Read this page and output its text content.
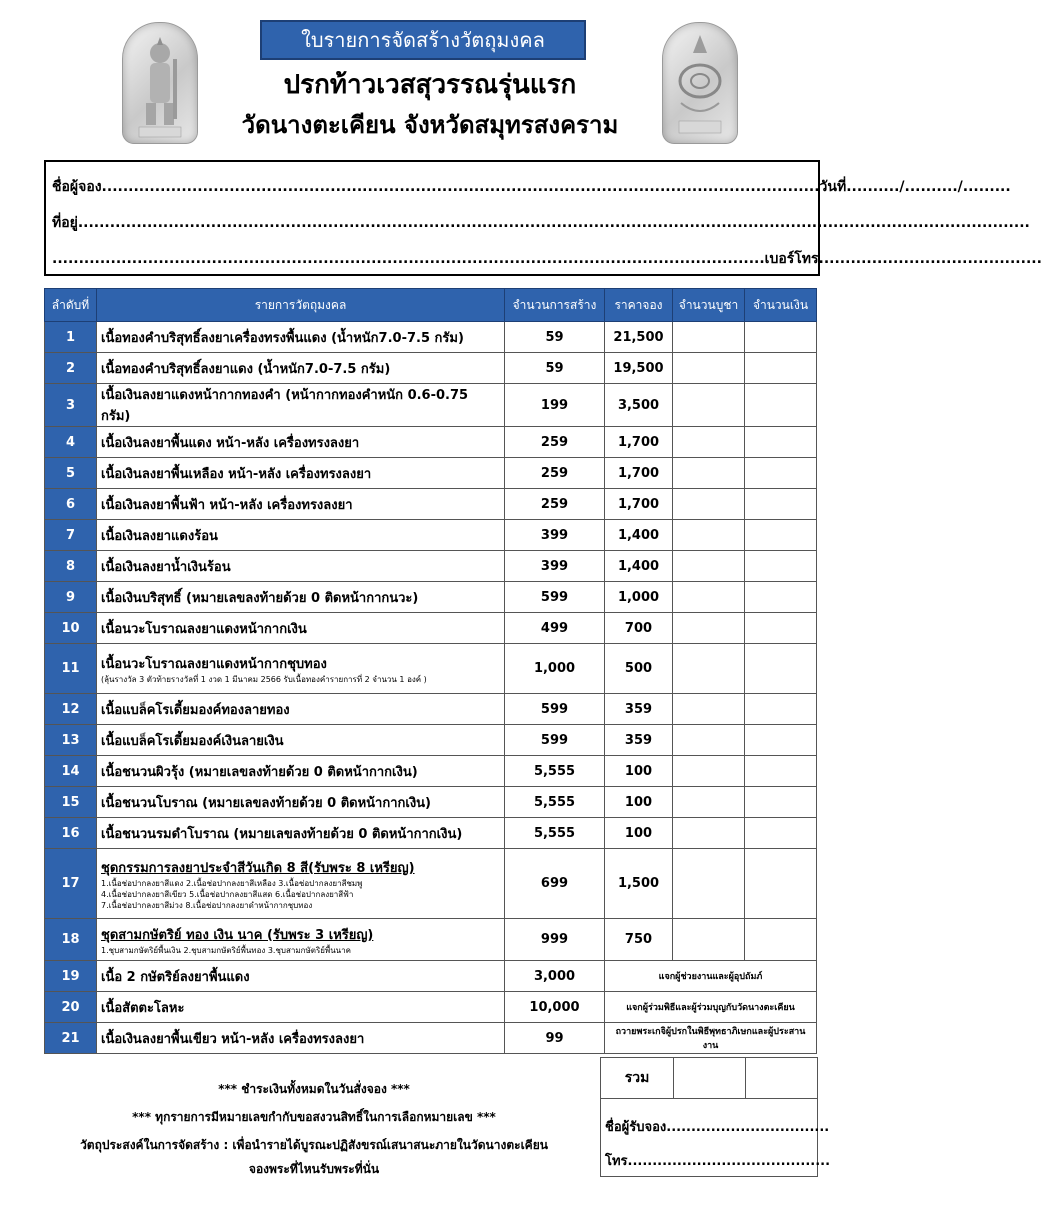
ใบรายการจัดสร้างวัตถุมงคล
ปรกท้าวเวสสุวรรณรุ่นแรก
วัดนางตะเคียน จังหวัดสมุทรสงคราม
ชื่อผู้จอง.......................................................................................................................................วันที่........../........../.........
ที่อยู่...................................................................................................................................................................................
......................................................................................................................................เบอร์โทร..........................................
ลำดับที่	รายการวัตถุมงคล	จำนวนการสร้าง	ราคาจอง	จำนวนบูชา	จำนวนเงิน
1	เนื้อทองคำบริสุทธิ์ลงยาเครื่องทรงพื้นแดง (น้ำหนัก7.0-7.5 กรัม)	59	21,500		
2	เนื้อทองคำบริสุทธิ์ลงยาแดง (น้ำหนัก7.0-7.5 กรัม)	59	19,500		
3	เนื้อเงินลงยาแดงหน้ากากทองคำ (หน้ากากทองคำหนัก 0.6-0.75 กรัม)	199	3,500		
4	เนื้อเงินลงยาพื้นแดง หน้า-หลัง เครื่องทรงลงยา	259	1,700		
5	เนื้อเงินลงยาพื้นเหลือง หน้า-หลัง เครื่องทรงลงยา	259	1,700		
6	เนื้อเงินลงยาพื้นฟ้า หน้า-หลัง เครื่องทรงลงยา	259	1,700		
7	เนื้อเงินลงยาแดงร้อน	399	1,400		
8	เนื้อเงินลงยาน้ำเงินร้อน	399	1,400		
9	เนื้อเงินบริสุทธิ์ (หมายเลขลงท้ายด้วย 0 ติดหน้ากากนวะ)	599	1,000		
10	เนื้อนวะโบราณลงยาแดงหน้ากากเงิน	499	700		
11	เนื้อนวะโบราณลงยาแดงหน้ากากชุบทอง
(ลุ้นรางวัล 3 ตัวท้ายรางวัลที่ 1 งวด 1 มีนาคม 2566 รับเนื้อทองคำรายการที่ 2 จำนวน 1 องค์ )	1,000	500		
12	เนื้อแบล็คโรเดี้ยมองค์ทองลายทอง	599	359		
13	เนื้อแบล็คโรเดี้ยมองค์เงินลายเงิน	599	359		
14	เนื้อชนวนผิวรุ้ง (หมายเลขลงท้ายด้วย 0 ติดหน้ากากเงิน)	5,555	100		
15	เนื้อชนวนโบราณ (หมายเลขลงท้ายด้วย 0 ติดหน้ากากเงิน)	5,555	100		
16	เนื้อชนวนรมดำโบราณ (หมายเลขลงท้ายด้วย 0 ติดหน้ากากเงิน)	5,555	100		
17	ชุดกรรมการลงยาประจำสีวันเกิด 8 สี(รับพระ 8 เหรียญ)
1.เนื้อช่อปากลงยาสีแดง 2.เนื้อช่อปากลงยาสีเหลือง 3.เนื้อช่อปากลงยาสีชมพู
4.เนื้อช่อปากลงยาสีเขียว 5.เนื้อช่อปากลงยาสีแสด 6.เนื้อช่อปากลงยาสีฟ้า
7.เนื้อช่อปากลงยาสีม่วง 8.เนื้อช่อปากลงยาดำหน้ากากชุบทอง	699	1,500		
18	ชุดสามกษัตริย์ ทอง เงิน นาค (รับพระ 3 เหรียญ)
1.ชุบสามกษัตริย์พื้นเงิน 2.ชุบสามกษัตริย์พื้นทอง 3.ชุบสามกษัตริย์พื้นนาค	999	750		
19	เนื้อ 2 กษัตริย์ลงยาพื้นแดง	3,000	แจกผู้ช่วยงานและผู้อุปถัมภ์		
20	เนื้อสัตตะโลหะ	10,000	แจกผู้ร่วมพิธีและผู้ร่วมบุญกับวัดนางตะเคียน		
21	เนื้อเงินลงยาพื้นเขียว หน้า-หลัง เครื่องทรงลงยา	99	ถวายพระเกจิผู้ปรกในพิธีพุทธาภิเษกและผู้ประสานงาน		
*** ชำระเงินทั้งหมดในวันสั่งจอง ***
*** ทุกรายการมีหมายเลขกำกับขอสงวนสิทธิ์ในการเลือกหมายเลข ***
วัตถุประสงค์ในการจัดสร้าง : เพื่อนำรายได้บูรณะปฏิสังขรณ์เสนาสนะภายในวัดนางตะเคียน
จองพระที่ไหนรับพระที่นั่น
รวม
ชื่อผู้รับจอง.................................
โทร.........................................
